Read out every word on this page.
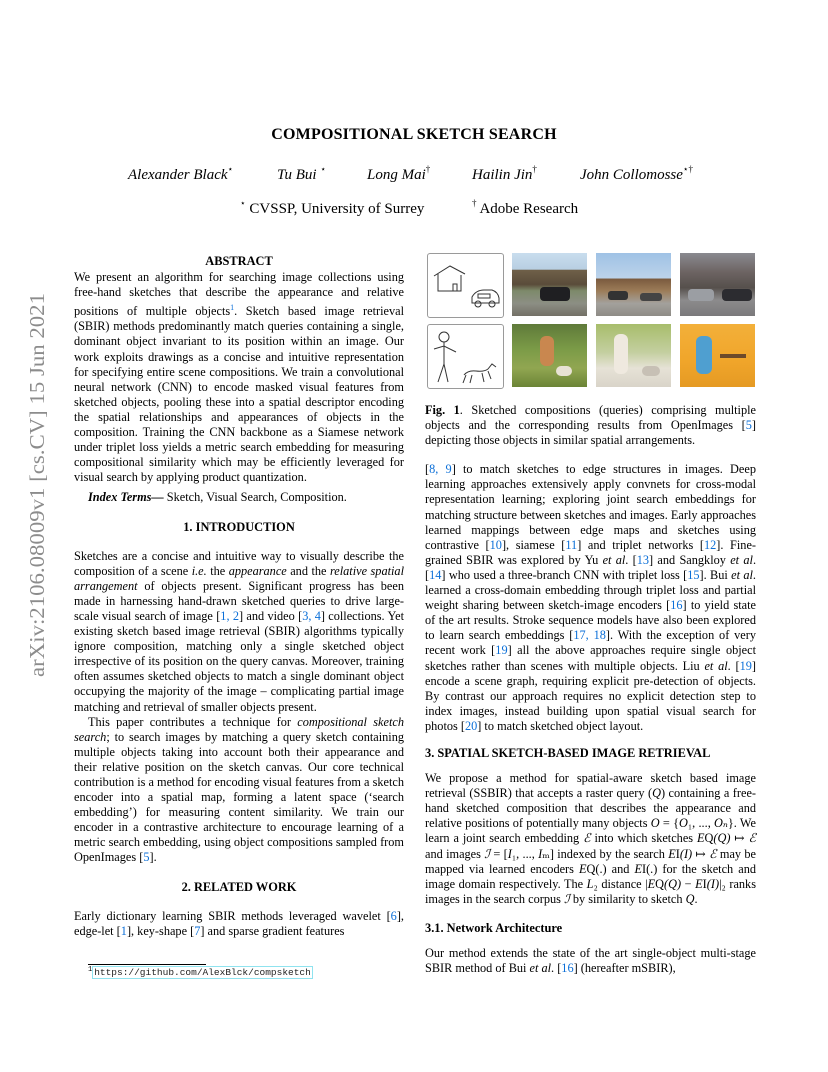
arXiv:2106.08009v1 [cs.CV] 15 Jun 2021
COMPOSITIONAL SKETCH SEARCH
Alexander Black⋆	Tu Bui ⋆	Long Mai†	Hailin Jin†	John Collomosse⋆†
⋆ CVSSP, University of Surrey	† Adobe Research
ABSTRACT

We present an algorithm for searching image collections using free-hand sketches that describe the appearance and relative positions of multiple objects$^1$. Sketch based image retrieval (SBIR) methods predominantly match queries containing a single, dominant object invariant to its position within an image. Our work exploits drawings as a concise and intuitive representation for specifying entire scene compositions. We train a convolutional neural network (CNN) to encode masked visual features from sketched objects, pooling these into a spatial descriptor encoding the spatial relationships and appearances of objects in the composition. Training the CNN backbone as a Siamese network under triplet loss yields a metric search embedding for measuring compositional similarity which may be efficiently leveraged for visual search by applying product quantization.

Index Terms— Sketch, Visual Search, Composition.

1. INTRODUCTION

Sketches are a concise and intuitive way to visually describe the composition of a scene i.e. the appearance and the relative spatial arrangement of objects present. Significant progress has been made in harnessing hand-drawn sketched queries to drive large-scale visual search of image [1, 2] and video [3, 4] collections. Yet existing sketch based image retrieval (SBIR) algorithms typically ignore composition, matching only a single sketched object irrespective of its position on the query canvas. Moreover, training often assumes sketched objects to match a single dominant object occupying the majority of the image – complicating partial image matching and retrieval of smaller objects present.

This paper contributes a technique for compositional sketch search; to search images by matching a query sketch containing multiple objects taking into account both their appearance and their relative position on the sketch canvas. Our core technical contribution is a method for encoding visual features from a sketch encoder into a spatial map, forming a latent space (‘search embedding’) for measuring content similarity. We train our encoder in a contrastive architecture to encourage learning of a metric search embedding, using object compositions sampled from OpenImages [5].

2. RELATED WORK

Early dictionary learning SBIR methods leveraged wavelet [6], edge-let [1], key-shape [7] and sparse gradient features

$^1$ https://github.com/AlexBlck/compsketch

Fig. 1. Sketched compositions (queries) comprising multiple objects and the corresponding results from OpenImages [5] depicting those objects in similar spatial arrangements.

[8, 9] to match sketches to edge structures in images. Deep learning approaches extensively apply convnets for cross-modal representation learning; exploring joint search embeddings for matching structure between sketches and images. Early approaches learned mappings between edge maps and sketches using contrastive [10], siamese [11] and triplet networks [12]. Fine-grained SBIR was explored by Yu et al. [13] and Sangkloy et al. [14] who used a three-branch CNN with triplet loss [15]. Bui et al. learned a cross-domain embedding through triplet loss and partial weight sharing between sketch-image encoders [16] to yield state of the art results. Stroke sequence models have also been explored to learn search embeddings [17, 18]. With the exception of very recent work [19] all the above approaches require single object sketches rather than scenes with multiple objects. Liu et al. [19] encode a scene graph, requiring explicit pre-detection of objects. By contrast our approach requires no explicit detection step to index images, instead building upon spatial visual search for photos [20] to match sketched object layout.

3. SPATIAL SKETCH-BASED IMAGE RETRIEVAL

We propose a method for spatial-aware sketch based image retrieval (SSBIR) that accepts a raster query (Q) containing a free-hand sketched composition that describes the appearance and relative positions of potentially many objects O = {O₁, ..., Oₙ}. We learn a joint search embedding ℰ into which sketches EQ(Q) ↦ ℰ and images ℐ = [I₁, ..., Iₘ] indexed by the search EI(I) ↦ ℰ may be mapped via learned encoders EQ(.) and EI(.) for the sketch and image domain respectively. The L₂ distance |EQ(Q) − EI(I)|₂ ranks images in the search corpus ℐ by similarity to sketch Q.

3.1. Network Architecture

Our method extends the state of the art single-object multi-stage SBIR method of Bui et al. [16] (hereafter mSBIR),
